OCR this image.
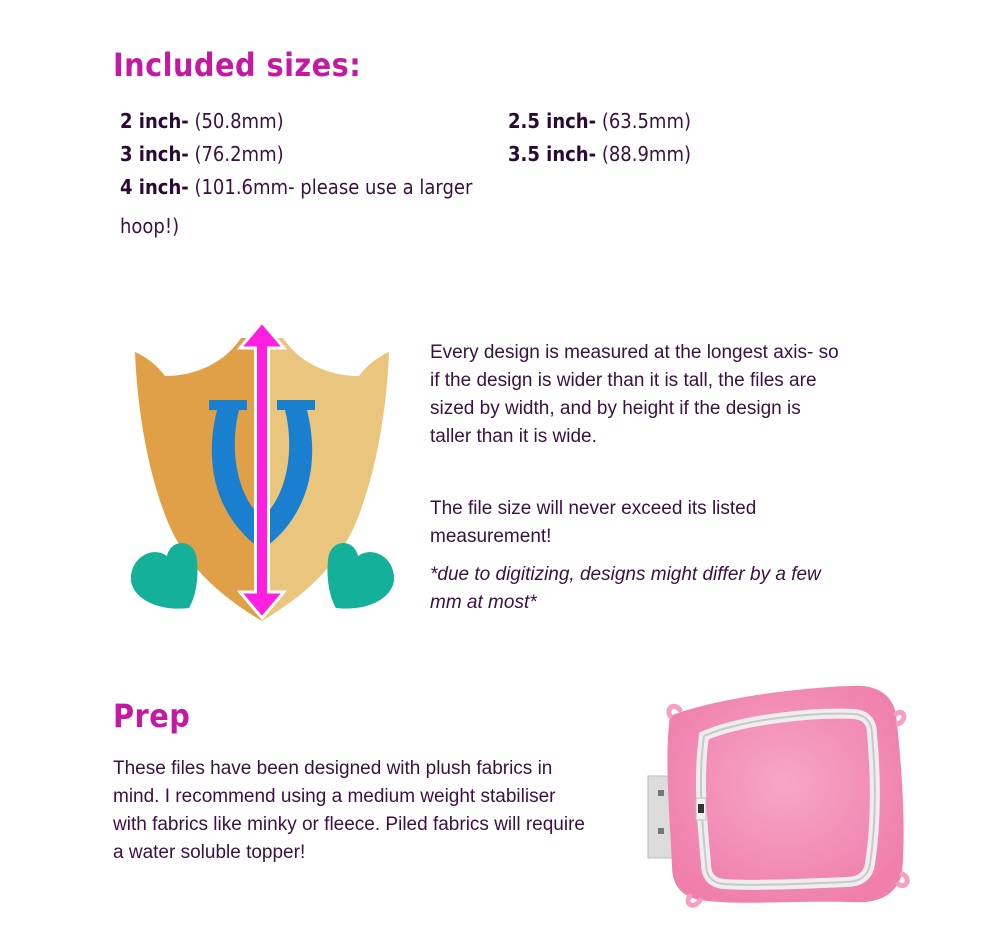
Included sizes:
2 inch- (50.8mm)	2.5 inch- (63.5mm)
3 inch- (76.2mm)	3.5 inch- (88.9mm)
4 inch- (101.6mm- please use a larger
hoop!)

Every design is measured at the longest axis- so
if the design is wider than it is tall, the files are
sized by width, and by height if the design is
taller than it is wide.

The file size will never exceed its listed
measurement!

*due to digitizing, designs might differ by a few
mm at most*

Prep

These files have been designed with plush fabrics in
mind. I recommend using a medium weight stabiliser
with fabrics like minky or fleece. Piled fabrics will require
a water soluble topper!
